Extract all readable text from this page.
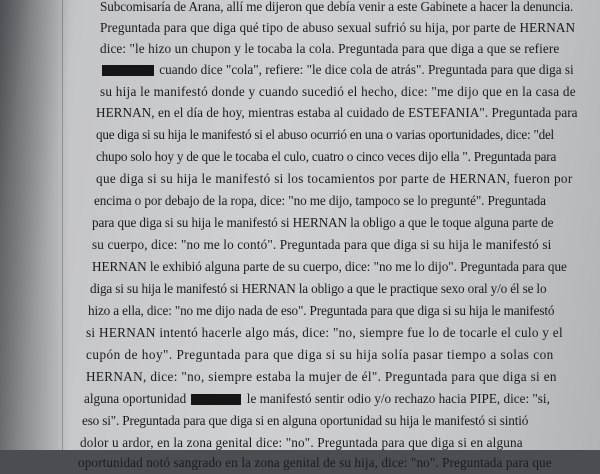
Subcomisaría de Arana, allí me dijeron que debía venir a este Gabinete a hacer la denuncia.
Preguntada para que diga qué tipo de abuso sexual sufrió su hija, por parte de HERNAN
dice: "le hizo un chupon y le tocaba la cola. Preguntada para que diga a que se refiere
cuando dice "cola", refiere: "le dice cola de atrás". Preguntada para que diga si
su hija le manifestó donde y cuando sucedió el hecho, dice: "me dijo que en la casa de
HERNAN, en el día de hoy, mientras estaba al cuidado de ESTEFANIA". Preguntada para
que diga si su hija le manifestó si el abuso ocurrió en una o varias oportunidades, dice: "del
chupo solo hoy y de que le tocaba el culo, cuatro o cinco veces dijo ella ". Preguntada para
que diga si su hija le manifestó si los tocamientos por parte de HERNAN, fueron por
encima o por debajo de la ropa, dice: "no me dijo, tampoco se lo pregunté". Preguntada
para que diga si su hija le manifestó si HERNAN la obligo a que le toque alguna parte de
su cuerpo, dice: "no me lo contó". Preguntada para que diga si su hija le manifestó si
HERNAN le exhibió alguna parte de su cuerpo, dice: "no me lo dijo". Preguntada para que
diga si su hija le manifestó si HERNAN la obligo a que le practique sexo oral y/o él se lo
hizo a ella, dice: "no me dijo nada de eso". Preguntada para que diga si su hija le manifestó
si HERNAN intentó hacerle algo más, dice: "no, siempre fue lo de tocarle el culo y el
cupón de hoy". Preguntada para que diga si su hija solía pasar tiempo a solas con
HERNAN, dice: "no, siempre estaba la mujer de él". Preguntada para que diga si en
alguna oportunidad	le manifestó sentir odio y/o rechazo hacia PIPE, dice: "si,
eso si". Preguntada para que diga si en alguna oportunidad su hija le manifestó si sintió
dolor u ardor, en la zona genital dice: "no". Preguntada para que diga si en alguna
oportunidad notó sangrado en la zona genital de su hija, dice: "no". Preguntada para que
